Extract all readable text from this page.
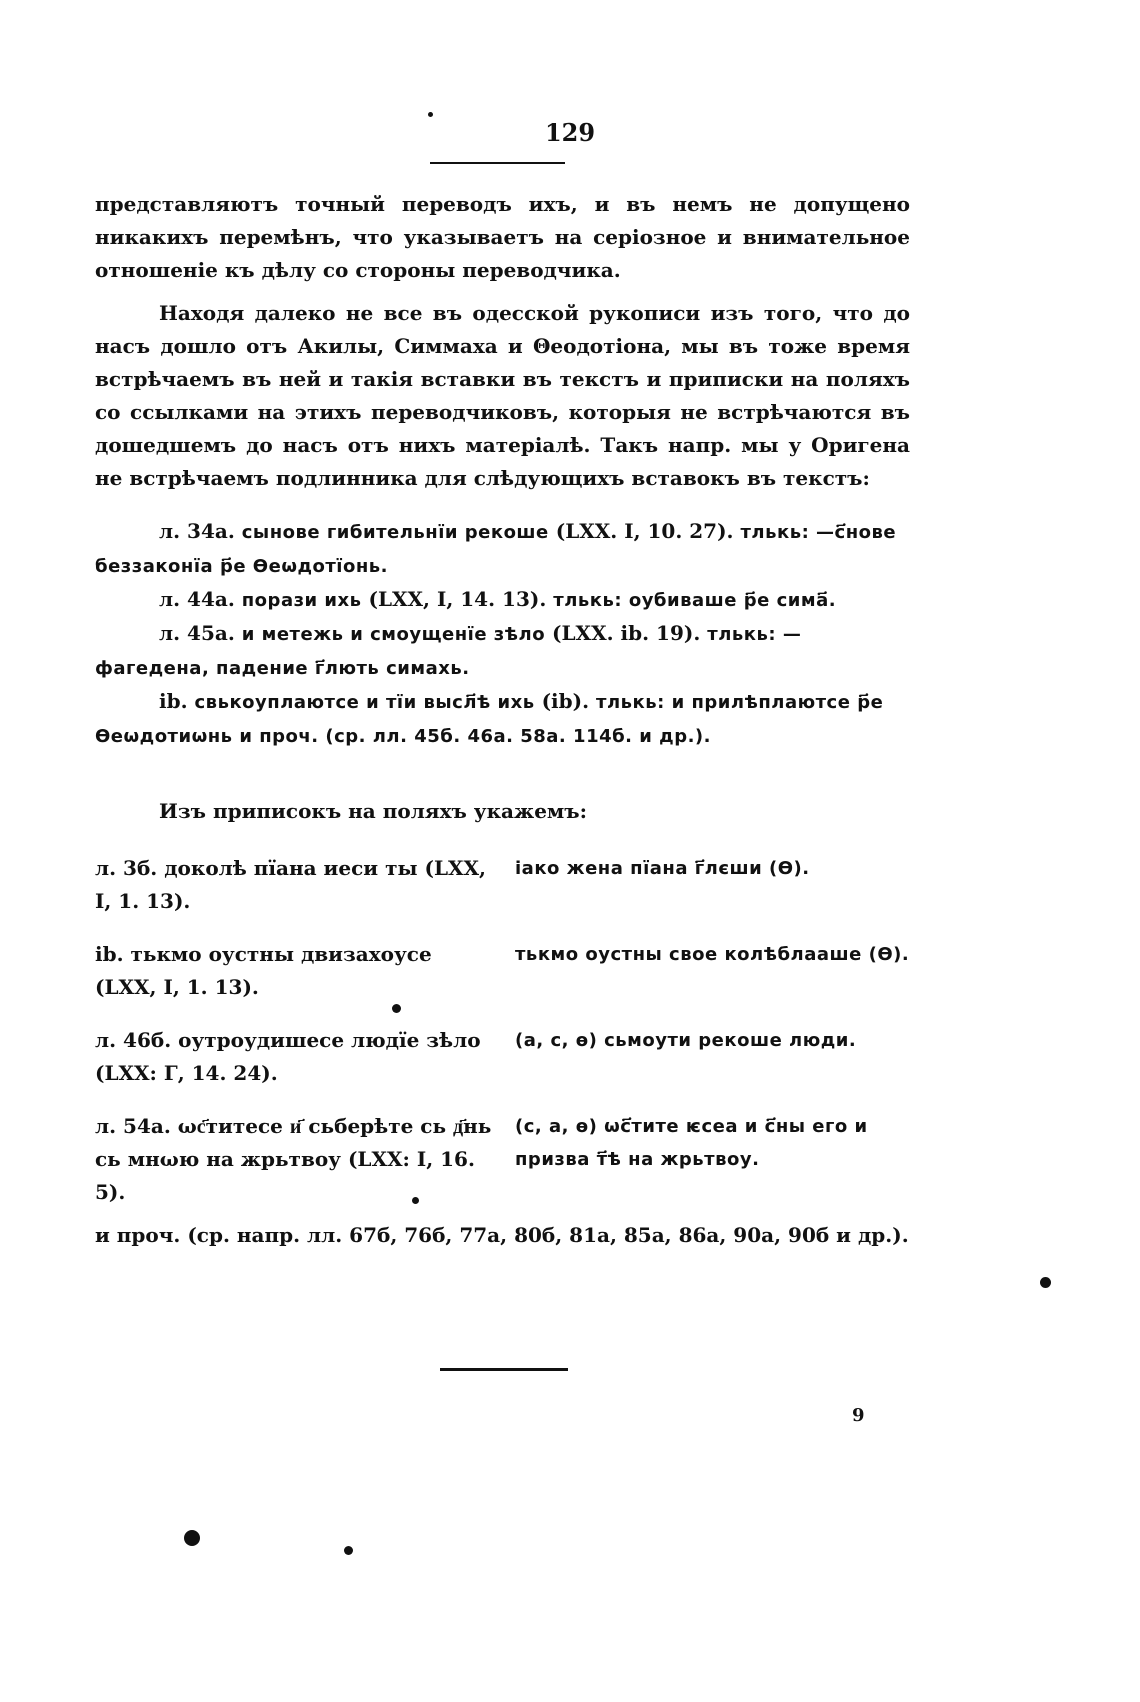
129

представляютъ точный переводъ ихъ, и въ немъ не допущено никакихъ перемѣнъ, что указываетъ на серіозное и внимательное отношеніе къ дѣлу со стороны переводчика.

Находя далеко не все въ одесской рукописи изъ того, что до насъ дошло отъ Акилы, Симмаха и Θеодотіона, мы въ тоже время встрѣчаемъ въ ней и такія вставки въ текстъ и приписки на поляхъ со ссылками на этихъ переводчиковъ, которыя не встрѣчаются въ дошедшемъ до насъ отъ нихъ матеріалѣ. Такъ напр. мы у Оригена не встрѣчаемъ подлинника для слѣдующихъ вставокъ въ текстъ:

л. 34а. сынове гибительнїи рекоше (LXX. I, 10. 27). тлькь: —с҃нове беззаконїа р҃е Ѳеωдотїонь.

л. 44а. порази ихь (LXX, I, 14. 13). тлькь: оубиваше р҃е сима҃.

л. 45а. и метежь и смоущенїе зѣло (LXX. ib. 19). тлькь: —фагедена, падение г҃лють симахь.

ib. свькоуплаютсе и тїи высл҃ѣ ихь (ib). тлькь: и прилѣплаютсе р҃е Ѳеωдотиωнь и проч. (ср. лл. 45б. 46а. 58а. 114б. и др.).

Изъ приписокъ на поляхъ укажемъ:

л. 3б. доколѣ пїана иеси ты (LXX, I, 1. 13).
іако жена пїана г҃лєши (Ѳ).
ib. тькмо оустны двизахоусе (LXX, I, 1. 13).
тькмо оустны свое колѣблааше (Ѳ).
л. 46б. оутроудишесе людїе зѣло (LXX: Г, 14. 24).
(а, с, ѳ) сьмоути рекоше люди.
л. 54а. ωс҃титесе и҃ сьберѣте сь д҃нь сь мнωю на жрьтвоу (LXX: I, 16. 5).
(с, а, ѳ) ωс҃тите ѥсеа и с҃ны его и призва т҃ѣ на жрьтвоу.

и проч. (ср. напр. лл. 67б, 76б, 77а, 80б, 81а, 85а, 86а, 90а, 90б и др.).

9
